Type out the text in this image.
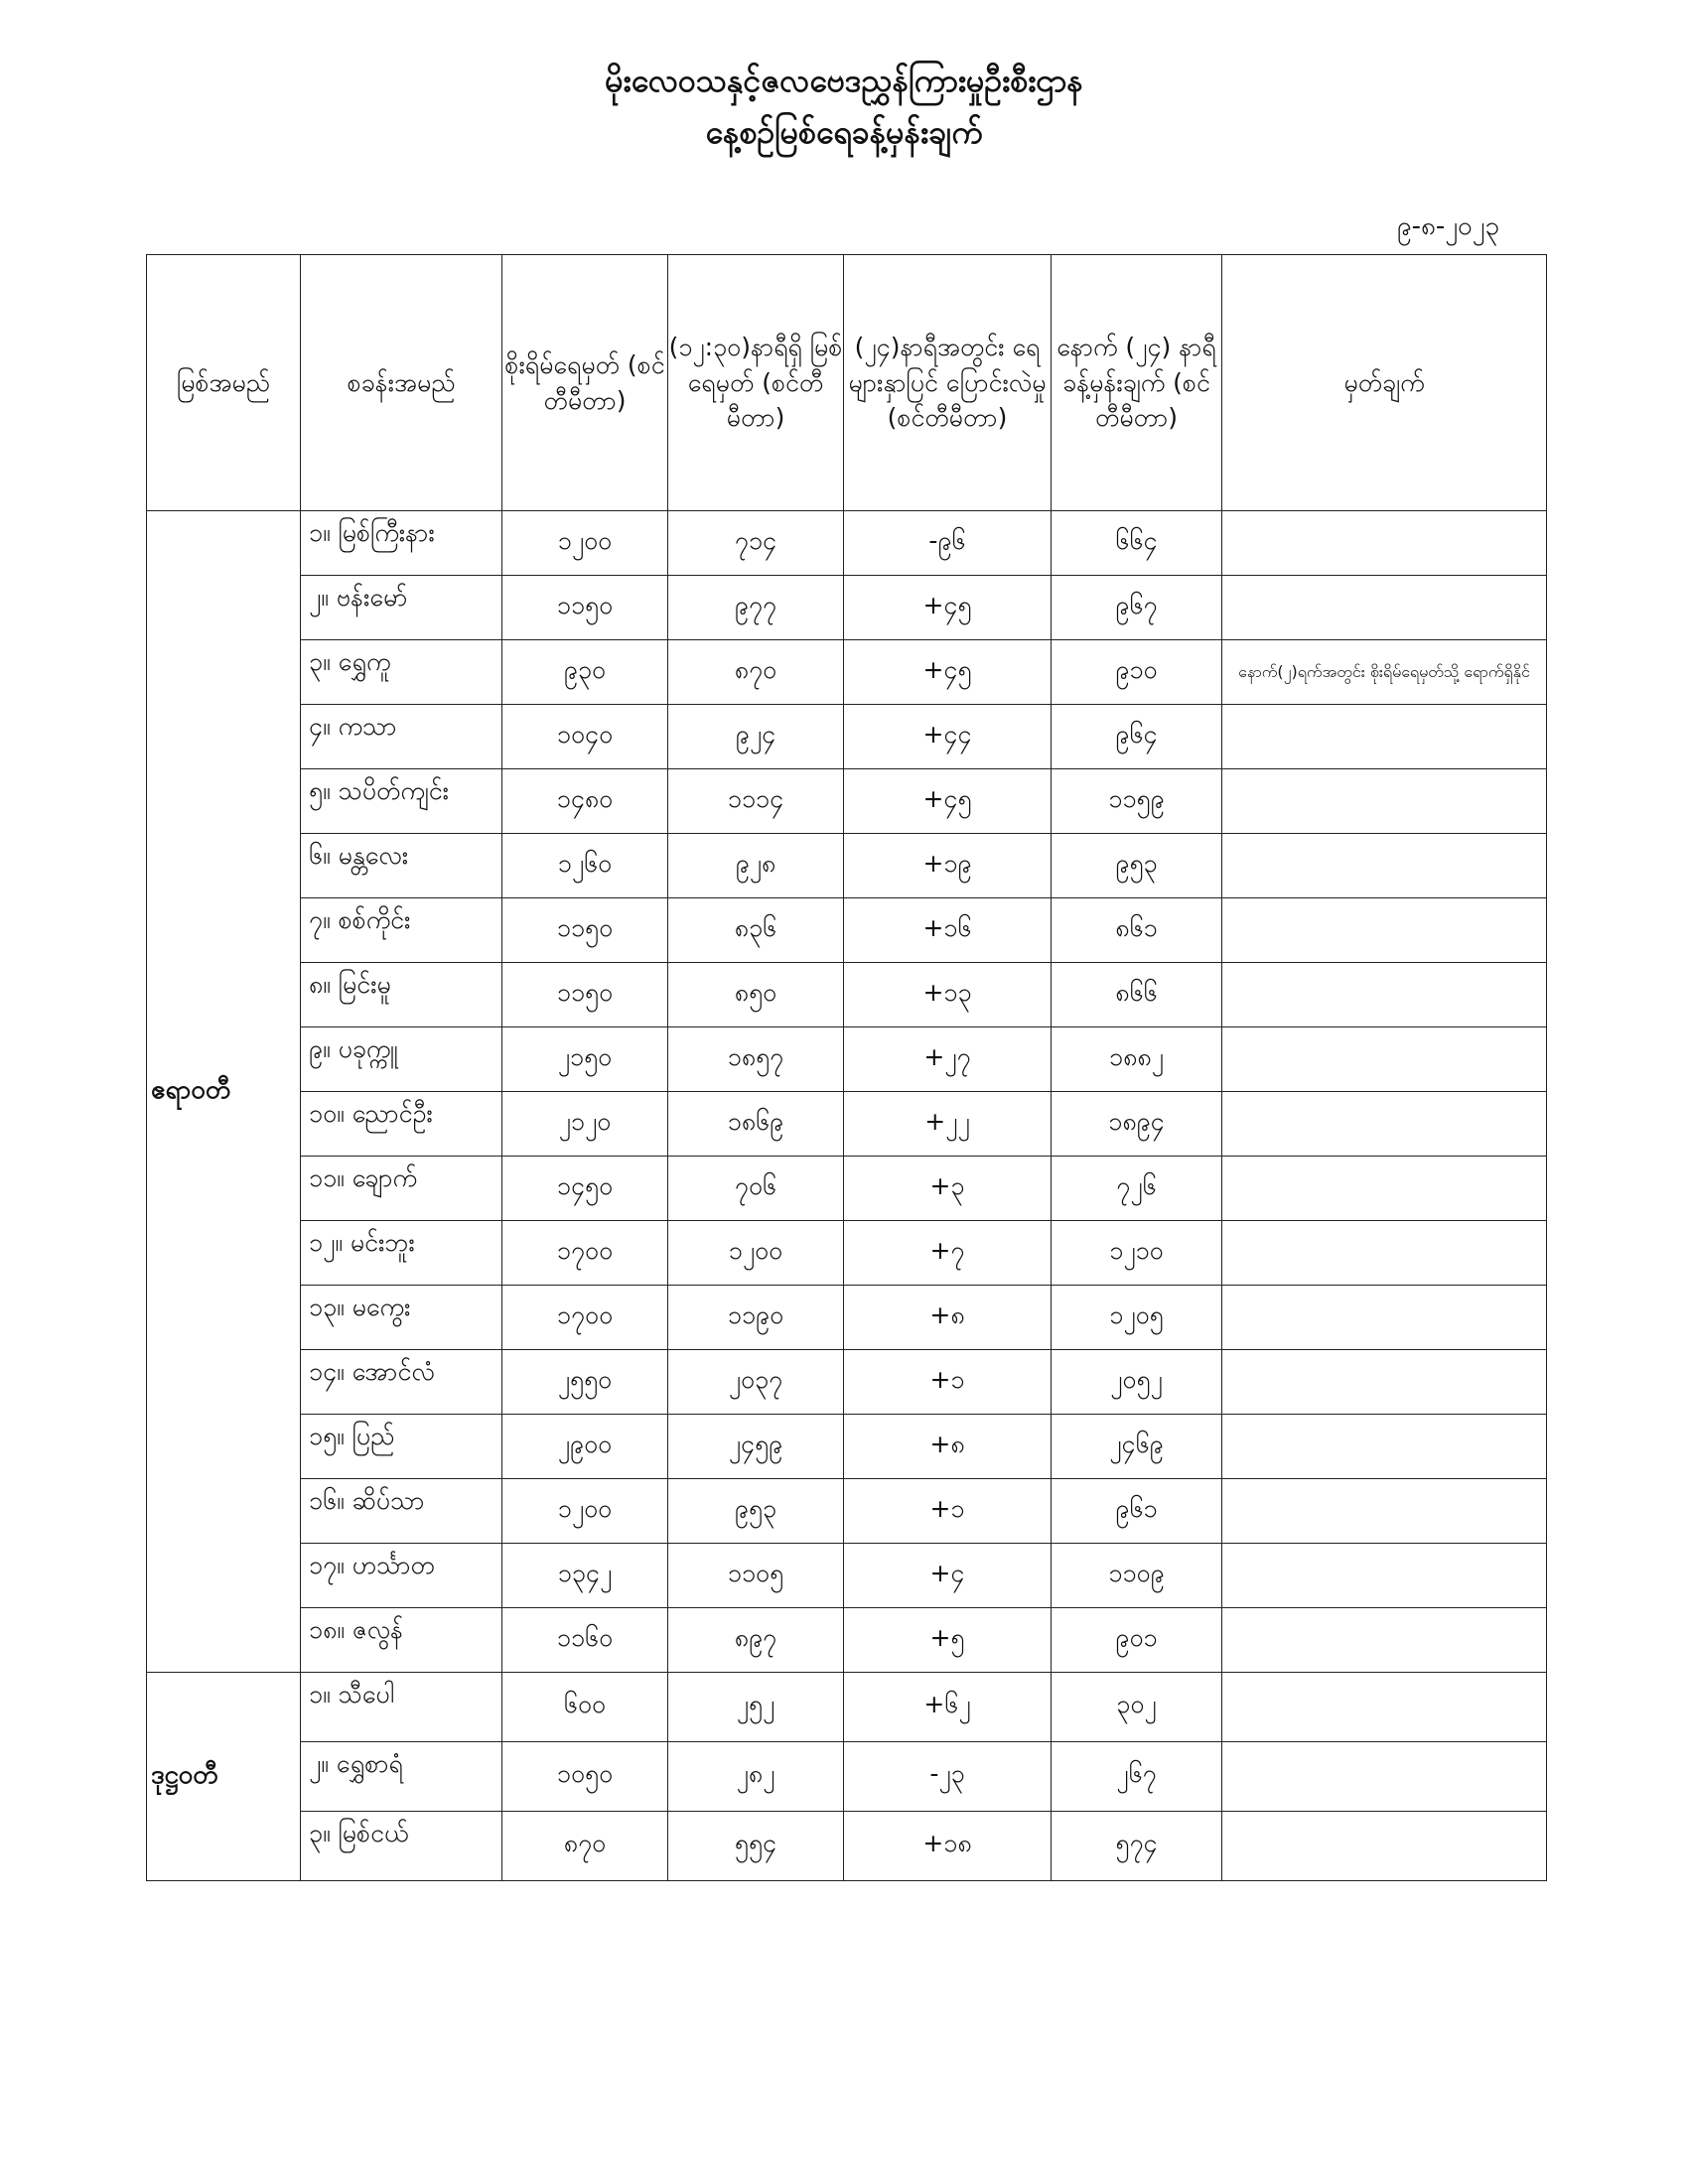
မိုးလေဝသနှင့်ဇလဗေဒညွှန်ကြားမှုဦးစီးဌာန
နေ့စဉ်မြစ်ရေခန့်မှန်းချက်
၉-၈-၂၀၂၃
မြစ်အမည်	စခန်းအမည်	စိုးရိမ်ရေမှတ် (စင်တီမီတာ)	(၁၂:၃၀)နာရီရှိ မြစ်ရေမှတ် (စင်တီမီတာ)	(၂၄)နာရီအတွင်း ရေများနှာပြင် ပြောင်းလဲမှု (စင်တီမီတာ)	နောက် (၂၄) နာရီ ခန့်မှန်းချက် (စင်တီမီတာ)	မှတ်ချက်
ဧရာဝတီ	၁။ မြစ်ကြီးနား	၁၂၀၀	၇၁၄	-၉၆	၆၆၄	
	၂။ ဗန်းမော်	၁၁၅၀	၉၇၇	+၄၅	၉၆၇	
	၃။ ရွှေကူ	၉၃၀	၈၇၀	+၄၅	၉၁၀	နောက်(၂)ရက်အတွင်း စိုးရိမ်ရေမှတ်သို့ ရောက်ရှိနိုင်
	၄။ ကသာ	၁၀၄၀	၉၂၄	+၄၄	၉၆၄	
	၅။ သပိတ်ကျင်း	၁၄၈၀	၁၁၁၄	+၄၅	၁၁၅၉	
	၆။ မန္တလေး	၁၂၆၀	၉၂၈	+၁၉	၉၅၃	
	၇။ စစ်ကိုင်း	၁၁၅၀	၈၃၆	+၁၆	၈၆၁	
	၈။ မြင်းမူ	၁၁၅၀	၈၅၀	+၁၃	၈၆၆	
	၉။ ပခုက္ကူ	၂၁၅၀	၁၈၅၇	+၂၇	၁၈၈၂	
	၁၀။ ညောင်ဦး	၂၁၂၀	၁၈၆၉	+၂၂	၁၈၉၄	
	၁၁။ ချောက်	၁၄၅၀	၇၀၆	+၃	၇၂၆	
	၁၂။ မင်းဘူး	၁၇၀၀	၁၂၀၀	+၇	၁၂၁၀	
	၁၃။ မကွေး	၁၇၀၀	၁၁၉၀	+၈	၁၂၀၅	
	၁၄။ အောင်လံ	၂၅၅၀	၂၀၃၇	+၁	၂၀၅၂	
	၁၅။ ပြည်	၂၉၀၀	၂၄၅၉	+၈	၂၄၆၉	
	၁၆။ ဆိပ်သာ	၁၂၀၀	၉၅၃	+၁	၉၆၁	
	၁၇။ ဟင်္သာတ	၁၃၄၂	၁၁၀၅	+၄	၁၁၀၉	
	၁၈။ ဇလွန်	၁၁၆၀	၈၉၇	+၅	၉၀၁	
ဒုဋ္ဌဝတီ	၁။ သီပေါ	၆၀၀	၂၅၂	+၆၂	၃၀၂	
	၂။ ရွှေစာရံ	၁၀၅၀	၂၈၂	-၂၃	၂၆၇	
	၃။ မြစ်ငယ်	၈၇၀	၅၅၄	+၁၈	၅၇၄	
